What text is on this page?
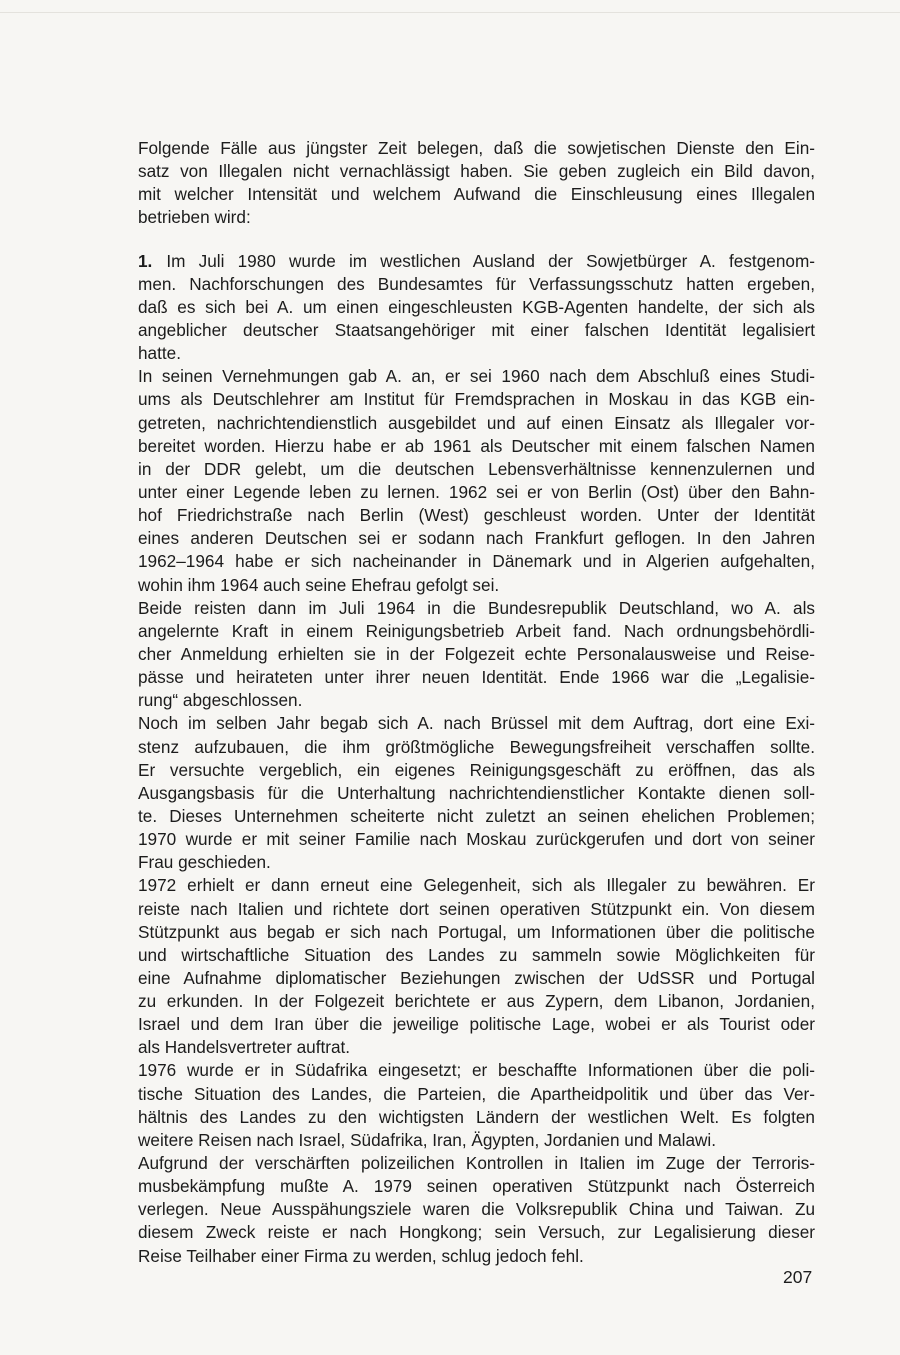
Folgende Fälle aus jüngster Zeit belegen, daß die sowjetischen Dienste den Ein-
satz von Illegalen nicht vernachlässigt haben. Sie geben zugleich ein Bild davon,
mit welcher Intensität und welchem Aufwand die Einschleusung eines Illegalen
betrieben wird:
1. Im Juli 1980 wurde im westlichen Ausland der Sowjetbürger A. festgenom-
men. Nachforschungen des Bundesamtes für Verfassungsschutz hatten ergeben,
daß es sich bei A. um einen eingeschleusten KGB-Agenten handelte, der sich als
angeblicher deutscher Staatsangehöriger mit einer falschen Identität legalisiert
hatte.
In seinen Vernehmungen gab A. an, er sei 1960 nach dem Abschluß eines Studi-
ums als Deutschlehrer am Institut für Fremdsprachen in Moskau in das KGB ein-
getreten, nachrichtendienstlich ausgebildet und auf einen Einsatz als Illegaler vor-
bereitet worden. Hierzu habe er ab 1961 als Deutscher mit einem falschen Namen
in der DDR gelebt, um die deutschen Lebensverhältnisse kennenzulernen und
unter einer Legende leben zu lernen. 1962 sei er von Berlin (Ost) über den Bahn-
hof Friedrichstraße nach Berlin (West) geschleust worden. Unter der Identität
eines anderen Deutschen sei er sodann nach Frankfurt geflogen. In den Jahren
1962–1964 habe er sich nacheinander in Dänemark und in Algerien aufgehalten,
wohin ihm 1964 auch seine Ehefrau gefolgt sei.
Beide reisten dann im Juli 1964 in die Bundesrepublik Deutschland, wo A. als
angelernte Kraft in einem Reinigungsbetrieb Arbeit fand. Nach ordnungsbehördli-
cher Anmeldung erhielten sie in der Folgezeit echte Personalausweise und Reise-
pässe und heirateten unter ihrer neuen Identität. Ende 1966 war die „Legalisie-
rung“ abgeschlossen.
Noch im selben Jahr begab sich A. nach Brüssel mit dem Auftrag, dort eine Exi-
stenz aufzubauen, die ihm größtmögliche Bewegungsfreiheit verschaffen sollte.
Er versuchte vergeblich, ein eigenes Reinigungsgeschäft zu eröffnen, das als
Ausgangsbasis für die Unterhaltung nachrichtendienstlicher Kontakte dienen soll-
te. Dieses Unternehmen scheiterte nicht zuletzt an seinen ehelichen Problemen;
1970 wurde er mit seiner Familie nach Moskau zurückgerufen und dort von seiner
Frau geschieden.
1972 erhielt er dann erneut eine Gelegenheit, sich als Illegaler zu bewähren. Er
reiste nach Italien und richtete dort seinen operativen Stützpunkt ein. Von diesem
Stützpunkt aus begab er sich nach Portugal, um Informationen über die politische
und wirtschaftliche Situation des Landes zu sammeln sowie Möglichkeiten für
eine Aufnahme diplomatischer Beziehungen zwischen der UdSSR und Portugal
zu erkunden. In der Folgezeit berichtete er aus Zypern, dem Libanon, Jordanien,
Israel und dem Iran über die jeweilige politische Lage, wobei er als Tourist oder
als Handelsvertreter auftrat.
1976 wurde er in Südafrika eingesetzt; er beschaffte Informationen über die poli-
tische Situation des Landes, die Parteien, die Apartheidpolitik und über das Ver-
hältnis des Landes zu den wichtigsten Ländern der westlichen Welt. Es folgten
weitere Reisen nach Israel, Südafrika, Iran, Ägypten, Jordanien und Malawi.
Aufgrund der verschärften polizeilichen Kontrollen in Italien im Zuge der Terroris-
musbekämpfung mußte A. 1979 seinen operativen Stützpunkt nach Österreich
verlegen. Neue Ausspähungsziele waren die Volksrepublik China und Taiwan. Zu
diesem Zweck reiste er nach Hongkong; sein Versuch, zur Legalisierung dieser
Reise Teilhaber einer Firma zu werden, schlug jedoch fehl.
207
